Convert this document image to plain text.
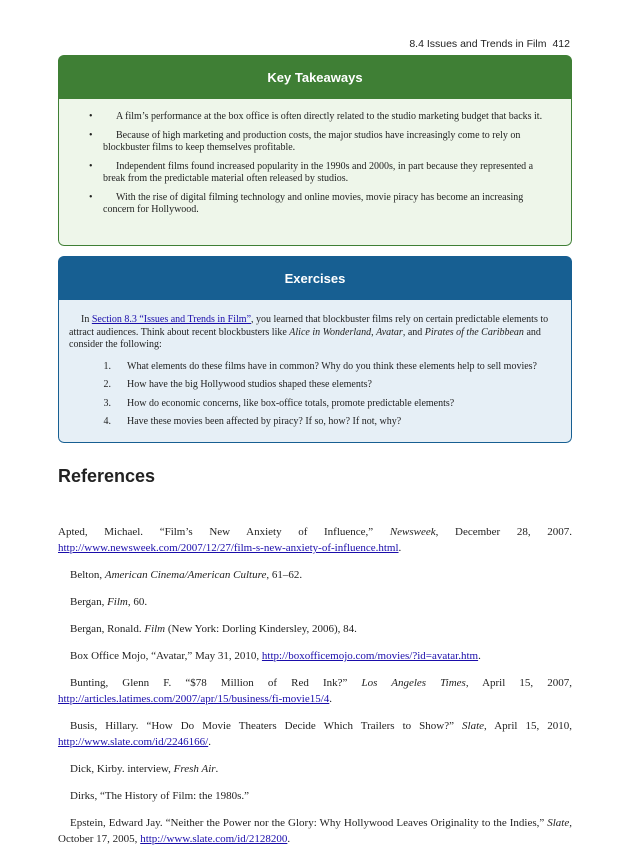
8.4 Issues and Trends in Film 412
Key Takeaways
•	A film’s performance at the box office is often directly related to the studio marketing budget that backs it.
•	Because of high marketing and production costs, the major studios have increasingly come to rely on blockbuster films to keep themselves profitable.
•	Independent films found increased popularity in the 1990s and 2000s, in part because they represented a break from the predictable material often released by studios.
•	With the rise of digital filming technology and online movies, movie piracy has become an increasing concern for Hollywood.
Exercises

In Section 8.3 “Issues and Trends in Film”, you learned that blockbuster films rely on certain predictable elements to attract audiences. Think about recent blockbusters like Alice in Wonderland, Avatar, and Pirates of the Caribbean and consider the following:

1.	What elements do these films have in common? Why do you think these elements help to sell movies?
2.	How have the big Hollywood studios shaped these elements?
3.	How do economic concerns, like box-office totals, promote predictable elements?
4.	Have these movies been affected by piracy? If so, how? If not, why?
References

Apted, Michael. “Film’s New Anxiety of Influence,” Newsweek, December 28, 2007. http://www.newsweek.com/2007/12/27/film-s-new-anxiety-of-influence.html.

Belton, American Cinema/American Culture, 61–62.

Bergan, Film, 60.

Bergan, Ronald. Film (New York: Dorling Kindersley, 2006), 84.

Box Office Mojo, “Avatar,” May 31, 2010, http://boxofficemojo.com/movies/?id=avatar.htm.

Bunting, Glenn F. “$78 Million of Red Ink?” Los Angeles Times, April 15, 2007, http://articles.latimes.com/2007/apr/15/business/fi-movie15/4.

Busis, Hillary. “How Do Movie Theaters Decide Which Trailers to Show?” Slate, April 15, 2010, http://www.slate.com/id/2246166/.

Dick, Kirby. interview, Fresh Air.

Dirks, “The History of Film: the 1980s.”

Epstein, Edward Jay. “Neither the Power nor the Glory: Why Hollywood Leaves Originality to the Indies,” Slate, October 17, 2005, http://www.slate.com/id/2128200.
